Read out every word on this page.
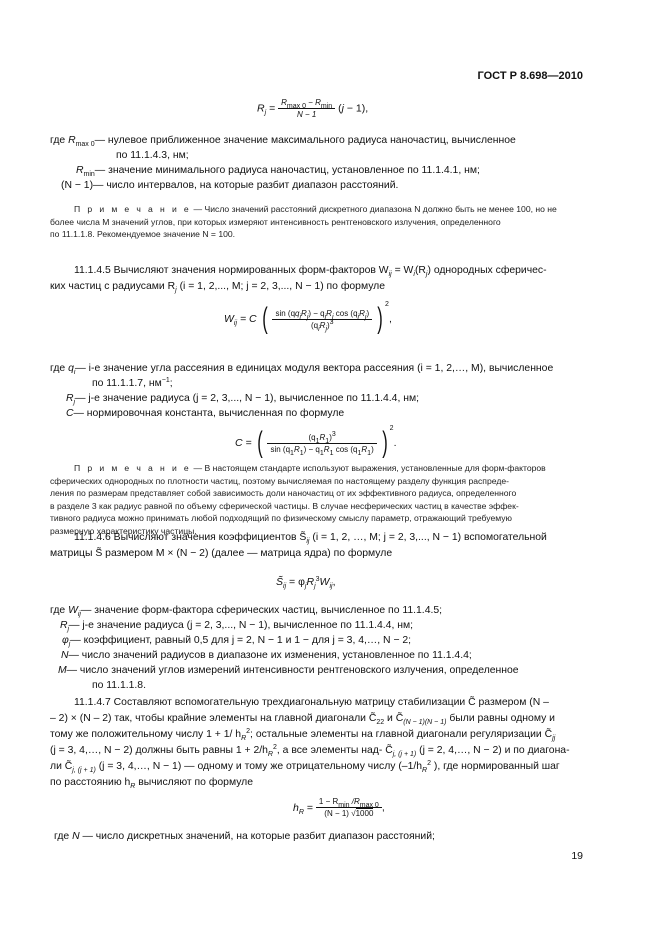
ГОСТ Р 8.698—2010
$R_j = \frac{Rmax 0 - Rmin}{N - 1} (j - 1)$,
где $R_{max 0}—$ нулевое приближенное значение максимального радиуса наночастиц, вычисленное
по 11.1.4.3, нм;
$R_{min}—$ значение минимального радиуса наночастиц, установленное по 11.1.4.1, нм;
(N − 1)— число интервалов, на которые разбит диапазон расстояний.
П р и м е ч а н и е — Число значений расстояний дискретного диапазона N должно быть не менее 100, но не
более числа M значений углов, при которых измеряют интенсивность рентгеновского излучения, определенного
по 11.1.1.8. Рекомендуемое значение N = 100.
11.1.4.5 Вычисляют значения нормированных форм-факторов $W_{ij} = W_i(R_j)$ однородных сферичес-
ких частиц с радиусами $R_j$ (i = 1, 2,..., M; j = 2, 3,..., N − 1) по формуле
$W_{ij} = C$ ( $\frac{\text{sin (qqiRj) − qiRj cos (qiRj)}}{\text{(qiRj)3}}$ ) $^2$,
где $q_i—$ i-е значение угла рассеяния в единицах модуля вектора рассеяния (i = 1, 2,…, M), вычисленное
по 11.1.1.7, $нм^{-1}$;
$R_j—$ j-е значение радиуса (j = 2, 3,..., N − 1), вычисленное по 11.1.4.4, нм;
C— нормировочная константа, вычисленная по формуле
C = ( $\frac{(q1R1)3}{\sin (q1R1) - q1R1 \cos (q1R1)}$ ) $^2$.
П р и м е ч а н и е — В настоящем стандарте используют выражения, установленные для форм-факторов
сферических однородных по плотности частиц, поэтому вычисляемая по настоящему разделу функция распреде-
ления по размерам представляет собой зависимость доли наночастиц от их эффективного радиуса, определенного
в разделе 3 как радиус равной по объему сферической частицы. В случае несферических частиц в качестве эффек-
тивного радиуса можно принимать любой подходящий по физическому смыслу параметр, отражающий требуемую
размерную характеристику частицы.
11.1.4.6 Вычисляют значения коэффициентов $S̃_{ij}$ (i = 1, 2, …, M; j = 2, 3,..., N − 1) вспомогательной
матрицы S̃ размером M × (N − 2) (далее — матрица ядра) по формуле
$S̃_{ij} = \varphi_jR_j^3W_{ij}$,
где $W_{ij}—$ значение форм-фактора сферических частиц, вычисленное по 11.1.4.5;
$R_j—$ j-е значение радиуса (j = 2, 3,..., N − 1), вычисленное по 11.1.4.4, нм;
$\varphi_j—$ коэффициент, равный 0,5 для j = 2, N − 1 и 1 − для j = 3, 4,…, N − 2;
N— число значений радиусов в диапазоне их изменения, установленное по 11.1.4.4;
M— число значений углов измерений интенсивности рентгеновского излучения, определенное
по 11.1.1.8.
11.1.4.7 Составляют вспомогательную трехдиагональную матрицу стабилизации C̃ размером (N –
– 2) × (N – 2) так, чтобы крайние элементы на главной диагонали $C̃_{22}$ и $C̃_{(N - 1)(N - 1)}$ были равны одному и
тому же положительному числу 1 + 1/ $h_R^2$; остальные элементы на главной диагонали регуляризации $C̃_{jj}$
(j = 3, 4,…, N − 2) должны быть равны $1 + 2/h_R^2$, а все элементы над- $C̃_{j, (j + 1)}$ (j = 2, 4,…, N − 2) и по диагона-
ли $C̃_{j, (j + 1)}$ (j = 3, 4,…, N − 1) — одному и тому же отрицательному числу ($-1/h_R^2$ ), где нормированный шаг
по расстоянию $h_R$ вычисляют по формуле
$h_R = \frac{1 - Rmin /Rmax 0}{(N - 1) √1000}$ ,
где N — число дискретных значений, на которые разбит диапазон расстояний;
19
